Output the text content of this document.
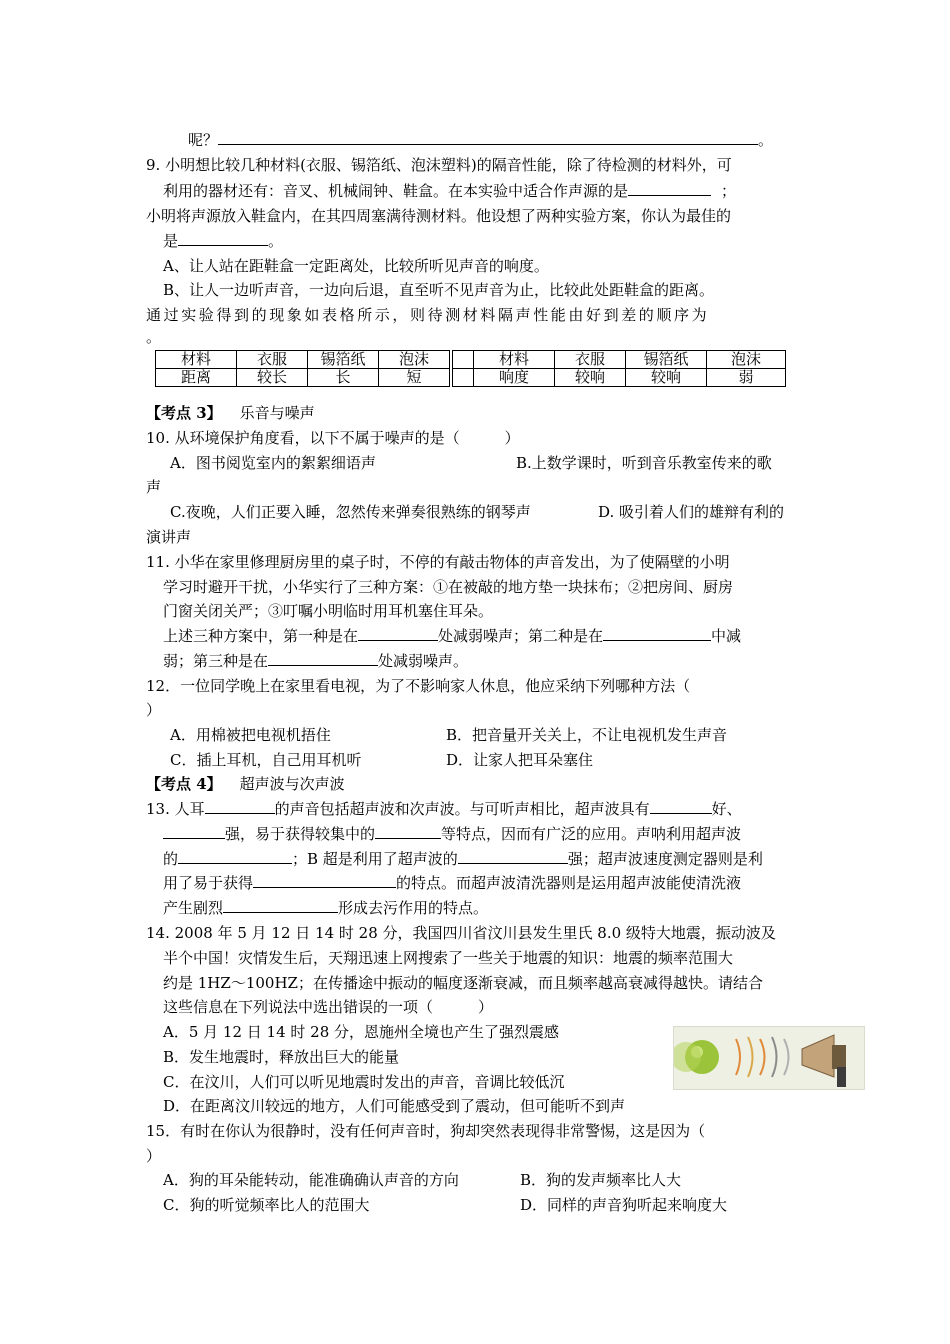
呢？	。
9. 小明想比较几种材料(衣服、锡箔纸、泡沫塑料)的隔音性能，除了待检测的材料外，可
利用的器材还有：音叉、机械闹钟、鞋盒。在本实验中适合作声源的是	；
小明将声源放入鞋盒内，在其四周塞满待测材料。他设想了两种实验方案，你认为最佳的
是	。
A、让人站在距鞋盒一定距离处，比较所听见声音的响度。
B、让人一边听声音，一边向后退，直至听不见声音为止，比较此处距鞋盒的距离。
通过实验得到的现象如表格所示，则待测材料隔声性能由好到差的顺序为
。
材料	衣服	锡箔纸	泡沫
距离	较长	长	短
	材料	衣服	锡箔纸	泡沫
	响度	较响	较响	弱
【考点 3】 乐音与噪声
10. 从环境保护角度看，以下不属于噪声的是（　　　）
A．图书阅览室内的絮絮细语声	B.上数学课时，听到音乐教室传来的歌
声
C.夜晚，人们正要入睡，忽然传来弹奏很熟练的钢琴声	D. 吸引着人们的雄辩有利的
演讲声
11. 小华在家里修理厨房里的桌子时，不停的有敲击物体的声音发出，为了使隔壁的小明
学习时避开干扰，小华实行了三种方案：①在被敲的地方垫一块抹布；②把房间、厨房
门窗关闭关严；③叮嘱小明临时用耳机塞住耳朵。
上述三种方案中，第一种是在	处减弱噪声；第二种是在	中减
弱；第三种是在	处减弱噪声。
12．一位同学晚上在家里看电视，为了不影响家人休息，他应采纳下列哪种方法（
）
A．用棉被把电视机捂住	B．把音量开关关上，不让电视机发生声音
C．插上耳机，自己用耳机听	D．让家人把耳朵塞住
【考点 4】 超声波与次声波
13. 人耳	的声音包括超声波和次声波。与可听声相比，超声波具有	好、
强，易于获得较集中的	等特点，因而有广泛的应用。声呐利用超声波
的	；B 超是利用了超声波的	强；超声波速度测定器则是利
用了易于获得	的特点。而超声波清洗器则是运用超声波能使清洗液
产生剧烈	形成去污作用的特点。
14. 2008 年 5 月 12 日 14 时 28 分，我国四川省汶川县发生里氏 8.0 级特大地震，振动波及
半个中国！灾情发生后，天翔迅速上网搜索了一些关于地震的知识：地震的频率范围大
约是 1HZ～100HZ；在传播途中振动的幅度逐渐衰减，而且频率越高衰减得越快。请结合
这些信息在下列说法中选出错误的一项（　　　）
A．5 月 12 日 14 时 28 分，恩施州全境也产生了强烈震感
B．发生地震时，释放出巨大的能量
C．在汶川，人们可以听见地震时发出的声音，音调比较低沉
D．在距离汶川较远的地方，人们可能感受到了震动，但可能听不到声
15．有时在你认为很静时，没有任何声音时，狗却突然表现得非常警惕，这是因为（
）
A．狗的耳朵能转动，能准确确认声音的方向	B．狗的发声频率比人大
C．狗的听觉频率比人的范围大	D．同样的声音狗听起来响度大
